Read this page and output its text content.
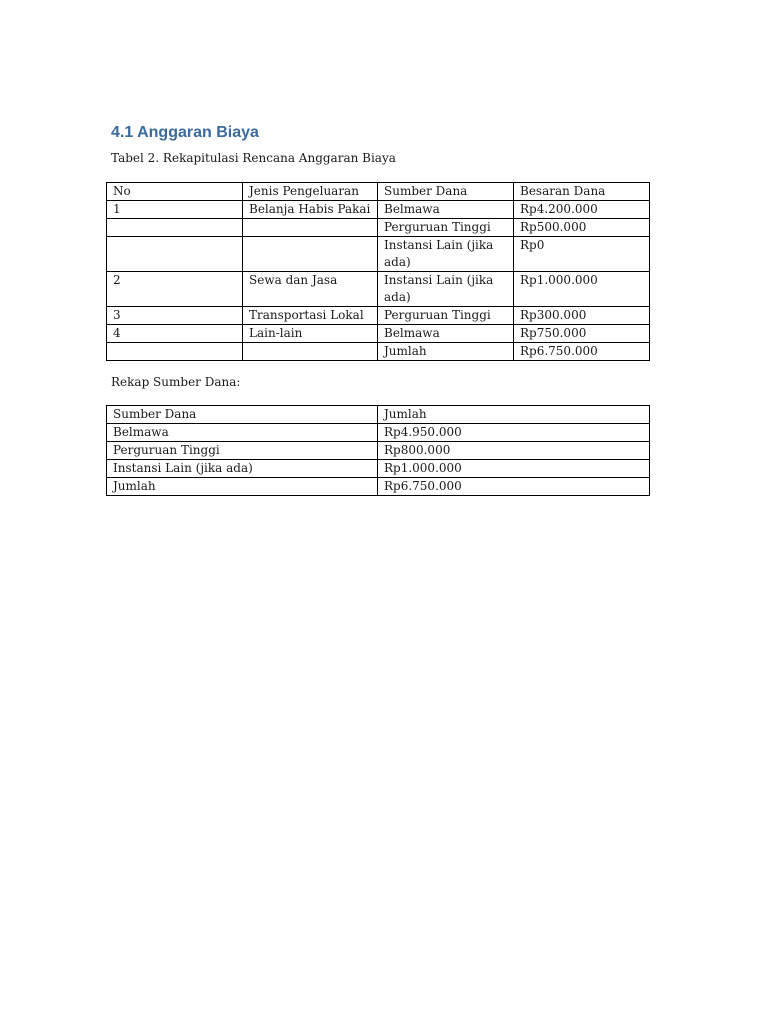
4.1 Anggaran Biaya

Tabel 2. Rekapitulasi Rencana Anggaran Biaya

No	Jenis Pengeluaran	Sumber Dana	Besaran Dana
1	Belanja Habis Pakai	Belmawa	Rp4.200.000
		Perguruan Tinggi	Rp500.000
		Instansi Lain (jika ada)	Rp0
2	Sewa dan Jasa	Instansi Lain (jika ada)	Rp1.000.000
3	Transportasi Lokal	Perguruan Tinggi	Rp300.000
4	Lain-lain	Belmawa	Rp750.000
		Jumlah	Rp6.750.000

Rekap Sumber Dana:

Sumber Dana	Jumlah
Belmawa	Rp4.950.000
Perguruan Tinggi	Rp800.000
Instansi Lain (jika ada)	Rp1.000.000
Jumlah	Rp6.750.000
